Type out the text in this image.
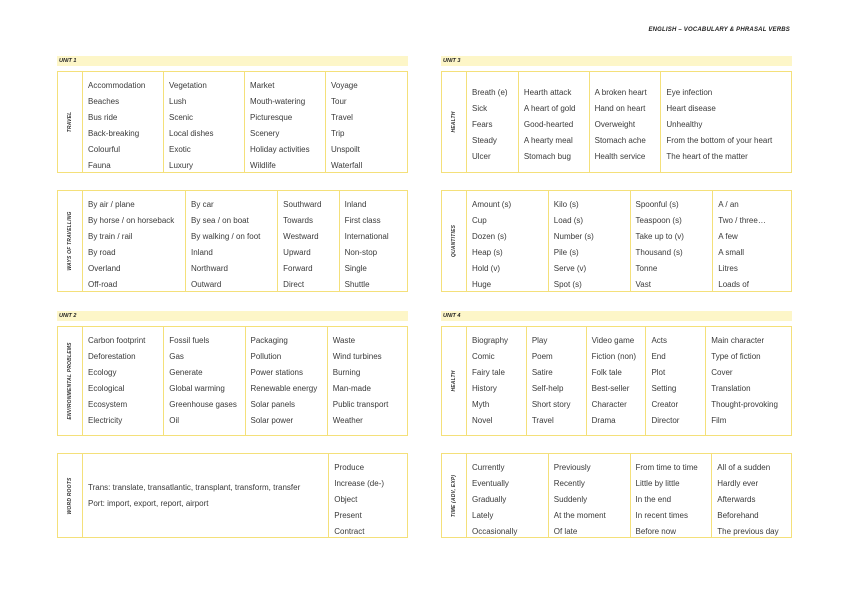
ENGLISH – VOCABULARY & PHRASAL VERBS
UNIT 1
TRAVEL
Accommodation
Beaches
Bus ride
Back-breaking
Colourful
Fauna
Vegetation
Lush
Scenic
Local dishes
Exotic
Luxury
Market
Mouth-watering
Picturesque
Scenery
Holiday activities
Wildlife
Voyage
Tour
Travel
Trip
Unspoilt
Waterfall
WAYS OF TRAVELLING
By air / plane
By horse / on horseback
By train / rail
By road
Overland
Off-road
By car
By sea / on boat
By walking / on foot
Inland
Northward
Outward
Southward
Towards
Westward
Upward
Forward
Direct
Inland
First class
International
Non-stop
Single
Shuttle
UNIT 2
ENVIRONMENTAL PROBLEMS
Carbon footprint
Deforestation
Ecology
Ecological
Ecosystem
Electricity
Fossil fuels
Gas
Generate
Global warming
Greenhouse gases
Oil
Packaging
Pollution
Power stations
Renewable energy
Solar panels
Solar power
Waste
Wind turbines
Burning
Man-made
Public transport
Weather
WORD ROOTS Trans: translate, transatlantic, transplant, transform, transfer
Port: import, export, report, airport
Produce
Increase (de-)
Object
Present
Contract
UNIT 3
HEALTH
Breath (e)
Sick
Fears
Steady
Ulcer
Hearth attack
A heart of gold
Good-hearted
A hearty meal
Stomach bug
A broken heart
Hand on heart
Overweight
Stomach ache
Health service
Eye infection
Heart disease
Unhealthy
From the bottom of your heart
The heart of the matter
QUANTITIES
Amount (s)
Cup
Dozen (s)
Heap (s)
Hold (v)
Huge
Kilo (s)
Load (s)
Number (s)
Pile (s)
Serve (v)
Spot (s)
Spoonful (s)
Teaspoon (s)
Take up to (v)
Thousand (s)
Tonne
Vast
A / an
Two / three…
A few
A small
Litres
Loads of
UNIT 4
HEALTH
Biography
Comic
Fairy tale
History
Myth
Novel
Play
Poem
Satire
Self-help
Short story
Travel
Video game
Fiction (non)
Folk tale
Best-seller
Character
Drama
Acts
End
Plot
Setting
Creator
Director
Main character
Type of fiction
Cover
Translation
Thought-provoking
Film
TIME (ADV, EXP)
Currently
Eventually
Gradually
Lately
Occasionally
Previously
Recently
Suddenly
At the moment
Of late
From time to time
Little by little
In the end
In recent times
Before now
All of a sudden
Hardly ever
Afterwards
Beforehand
The previous day
